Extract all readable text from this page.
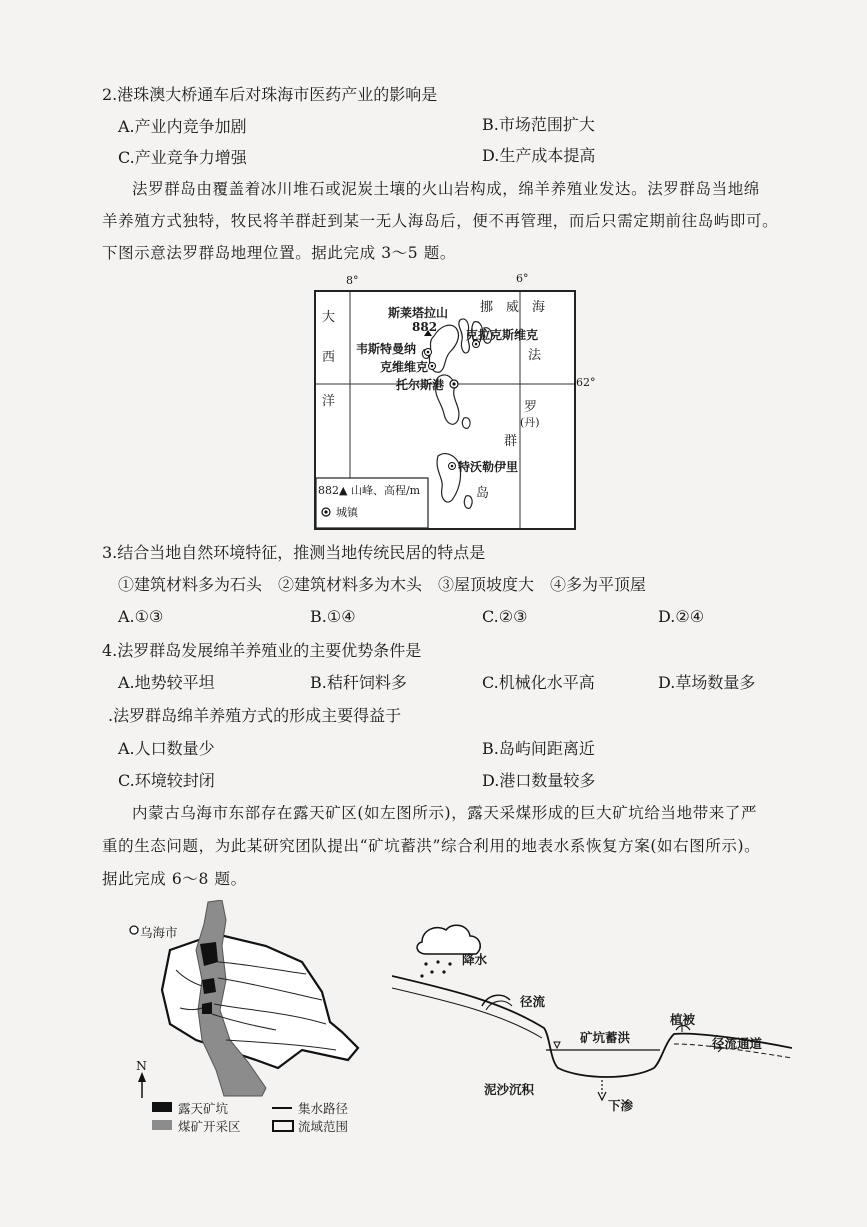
2.港珠澳大桥通车后对珠海市医药产业的影响是
A.产业内竞争加剧	B.市场范围扩大
C.产业竞争力增强	D.生产成本提高
法罗群岛由覆盖着冰川堆石或泥炭土壤的火山岩构成，绵羊养殖业发达。法罗群岛当地绵
羊养殖方式独特，牧民将羊群赶到某一无人海岛后，便不再管理，而后只需定期前往岛屿即可。
下图示意法罗群岛地理位置。据此完成 3～5 题。
8°	6°
62°
大
西
洋
挪　威　海
法
罗
(丹)
群
岛
斯莱塔拉山
882
克拉克斯维克
韦斯特曼纳
克维维克
托尔斯港
特沃勒伊里
882▲ 山峰、高程/m
城镇
3.结合当地自然环境特征，推测当地传统民居的特点是
①建筑材料多为石头　②建筑材料多为木头　③屋顶坡度大　④多为平顶屋
A.①③	B.①④	C.②③	D.②④
4.法罗群岛发展绵羊养殖业的主要优势条件是
A.地势较平坦	B.秸秆饲料多	C.机械化水平高	D.草场数量多
.法罗群岛绵羊养殖方式的形成主要得益于
A.人口数量少	B.岛屿间距离近
C.环境较封闭	D.港口数量较多
内蒙古乌海市东部存在露天矿区(如左图所示)，露天采煤形成的巨大矿坑给当地带来了严
重的生态问题，为此某研究团队提出“矿坑蓄洪”综合利用的地表水系恢复方案(如右图所示)。
据此完成 6～8 题。
乌海市
N
露天矿坑	集水路径
煤矿开采区	流域范围
降水
径流
矿坑蓄洪
植被
径流通道
泥沙沉积
下渗
